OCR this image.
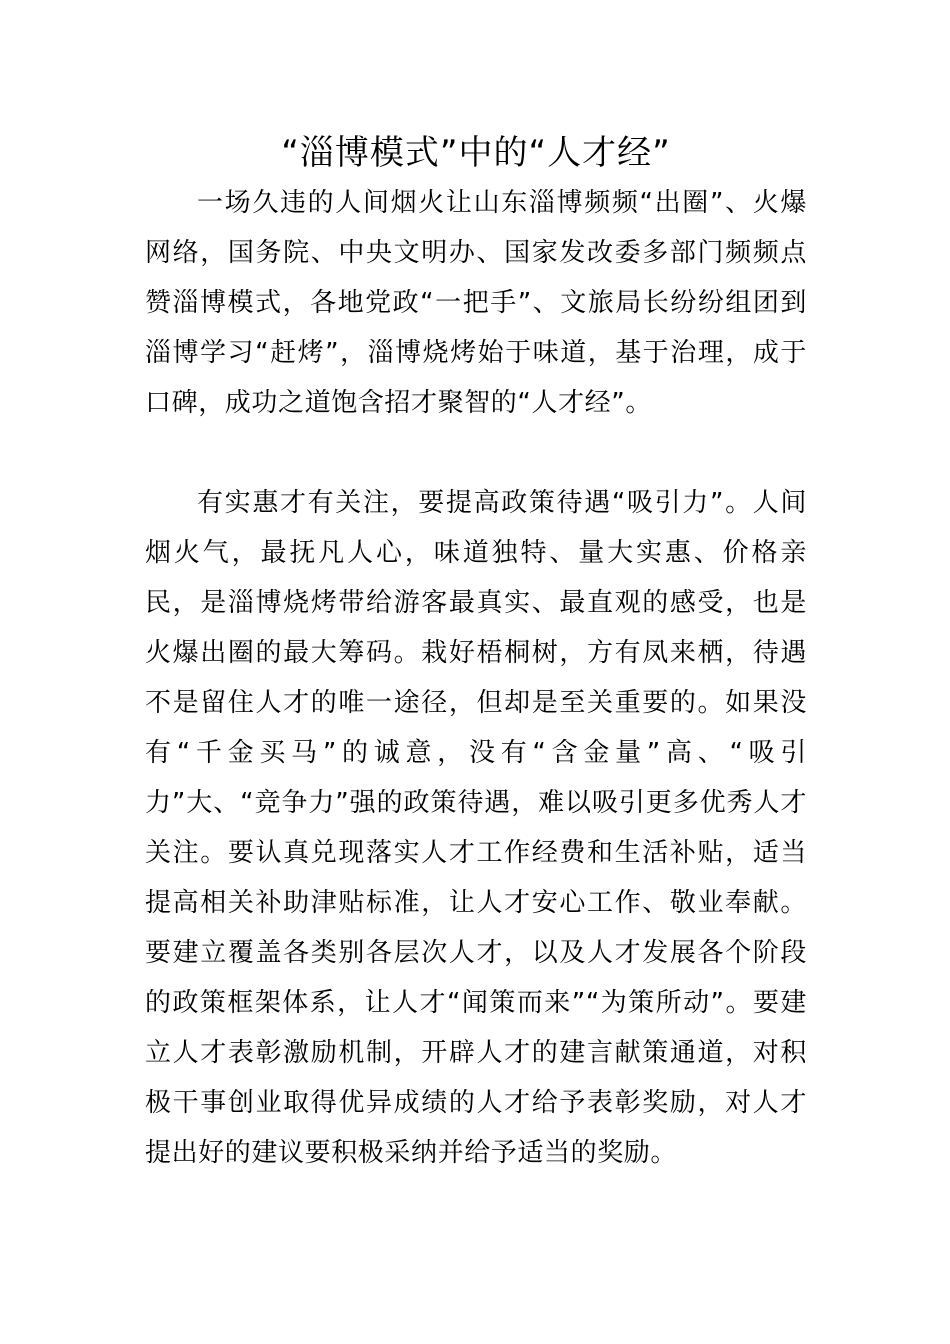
“淄博模式”中的“人才经”

一场久违的人间烟火让山东淄博频频“出圈”、火爆网络，国务院、中央文明办、国家发改委多部门频频点赞淄博模式，各地党政“一把手”、文旅局长纷纷组团到淄博学习“赶烤”，淄博烧烤始于味道，基于治理，成于口碑，成功之道饱含招才聚智的“人才经”。

有实惠才有关注，要提高政策待遇“吸引力”。人间烟火气，最抚凡人心，味道独特、量大实惠、价格亲民，是淄博烧烤带给游客最真实、最直观的感受，也是火爆出圈的最大筹码。栽好梧桐树，方有凤来栖，待遇不是留住人才的唯一途径，但却是至关重要的。如果没有“千金买马”的诚意，没有“含金量”高、“吸引力”大、“竞争力”强的政策待遇，难以吸引更多优秀人才关注。要认真兑现落实人才工作经费和生活补贴，适当提高相关补助津贴标准，让人才安心工作、敬业奉献。要建立覆盖各类别各层次人才，以及人才发展各个阶段的政策框架体系，让人才“闻策而来”“为策所动”。要建立人才表彰激励机制，开辟人才的建言献策通道，对积极干事创业取得优异成绩的人才给予表彰奖励，对人才提出好的建议要积极采纳并给予适当的奖励。
